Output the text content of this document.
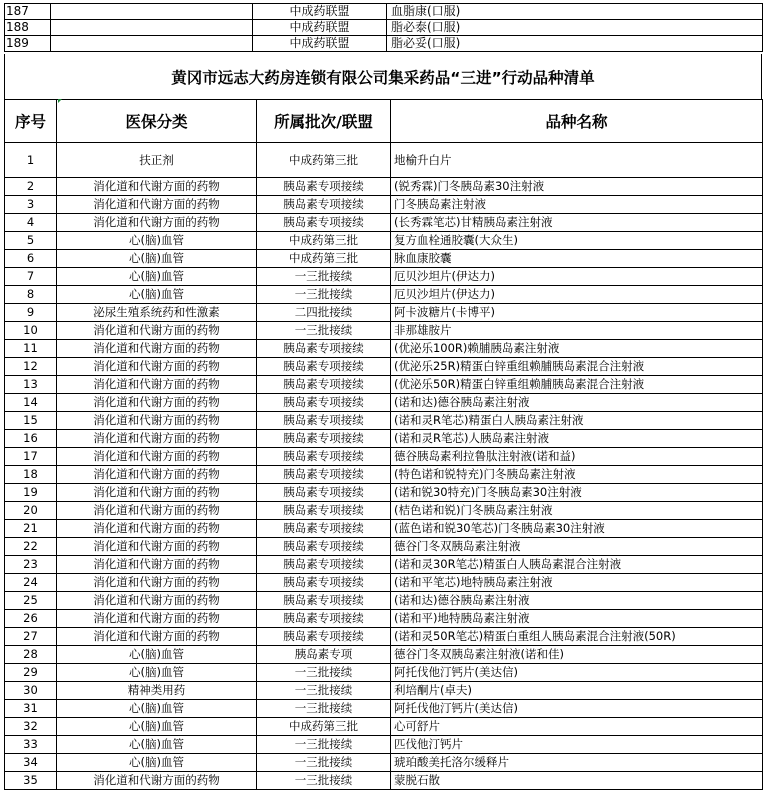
187		中成药联盟	血脂康(口服)
188		中成药联盟	脂必泰(口服)
189		中成药联盟	脂必妥(口服)
黄冈市远志大药房连锁有限公司集采药品“三进”行动品种清单
序号	医保分类	所属批次/联盟	品种名称
1	扶正剂	中成药第三批	地榆升白片
2	消化道和代谢方面的药物	胰岛素专项接续	(锐秀霖)门冬胰岛素30注射液
3	消化道和代谢方面的药物	胰岛素专项接续	门冬胰岛素注射液
4	消化道和代谢方面的药物	胰岛素专项接续	(长秀霖笔芯)甘精胰岛素注射液
5	心(脑)血管	中成药第三批	复方血栓通胶囊(大众生)
6	心(脑)血管	中成药第三批	脉血康胶囊
7	心(脑)血管	一三批接续	厄贝沙坦片(伊达力)
8	心(脑)血管	一三批接续	厄贝沙坦片(伊达力)
9	泌尿生殖系统药和性激素	二四批接续	阿卡波糖片(卡博平)
10	消化道和代谢方面的药物	一三批接续	非那雄胺片
11	消化道和代谢方面的药物	胰岛素专项接续	(优泌乐100R)赖脯胰岛素注射液
12	消化道和代谢方面的药物	胰岛素专项接续	(优泌乐25R)精蛋白锌重组赖脯胰岛素混合注射液
13	消化道和代谢方面的药物	胰岛素专项接续	(优泌乐50R)精蛋白锌重组赖脯胰岛素混合注射液
14	消化道和代谢方面的药物	胰岛素专项接续	(诺和达)德谷胰岛素注射液
15	消化道和代谢方面的药物	胰岛素专项接续	(诺和灵R笔芯)精蛋白人胰岛素注射液
16	消化道和代谢方面的药物	胰岛素专项接续	(诺和灵R笔芯)人胰岛素注射液
17	消化道和代谢方面的药物	胰岛素专项接续	德谷胰岛素利拉鲁肽注射液(诺和益)
18	消化道和代谢方面的药物	胰岛素专项接续	(特色诺和锐特充)门冬胰岛素注射液
19	消化道和代谢方面的药物	胰岛素专项接续	(诺和锐30特充)门冬胰岛素30注射液
20	消化道和代谢方面的药物	胰岛素专项接续	(桔色诺和锐)门冬胰岛素注射液
21	消化道和代谢方面的药物	胰岛素专项接续	(蓝色诺和锐30笔芯)门冬胰岛素30注射液
22	消化道和代谢方面的药物	胰岛素专项接续	德谷门冬双胰岛素注射液
23	消化道和代谢方面的药物	胰岛素专项接续	(诺和灵30R笔芯)精蛋白人胰岛素混合注射液
24	消化道和代谢方面的药物	胰岛素专项接续	(诺和平笔芯)地特胰岛素注射液
25	消化道和代谢方面的药物	胰岛素专项接续	(诺和达)德谷胰岛素注射液
26	消化道和代谢方面的药物	胰岛素专项接续	(诺和平)地特胰岛素注射液
27	消化道和代谢方面的药物	胰岛素专项接续	(诺和灵50R笔芯)精蛋白重组人胰岛素混合注射液(50R)
28	心(脑)血管	胰岛素专项	德谷门冬双胰岛素注射液(诺和佳)
29	心(脑)血管	一三批接续	阿托伐他汀钙片(美达信)
30	精神类用药	一三批接续	利培酮片(卓夫)
31	心(脑)血管	一三批接续	阿托伐他汀钙片(美达信)
32	心(脑)血管	中成药第三批	心可舒片
33	心(脑)血管	一三批接续	匹伐他汀钙片
34	心(脑)血管	一三批接续	琥珀酸美托洛尔缓释片
35	消化道和代谢方面的药物	一三批接续	蒙脱石散
